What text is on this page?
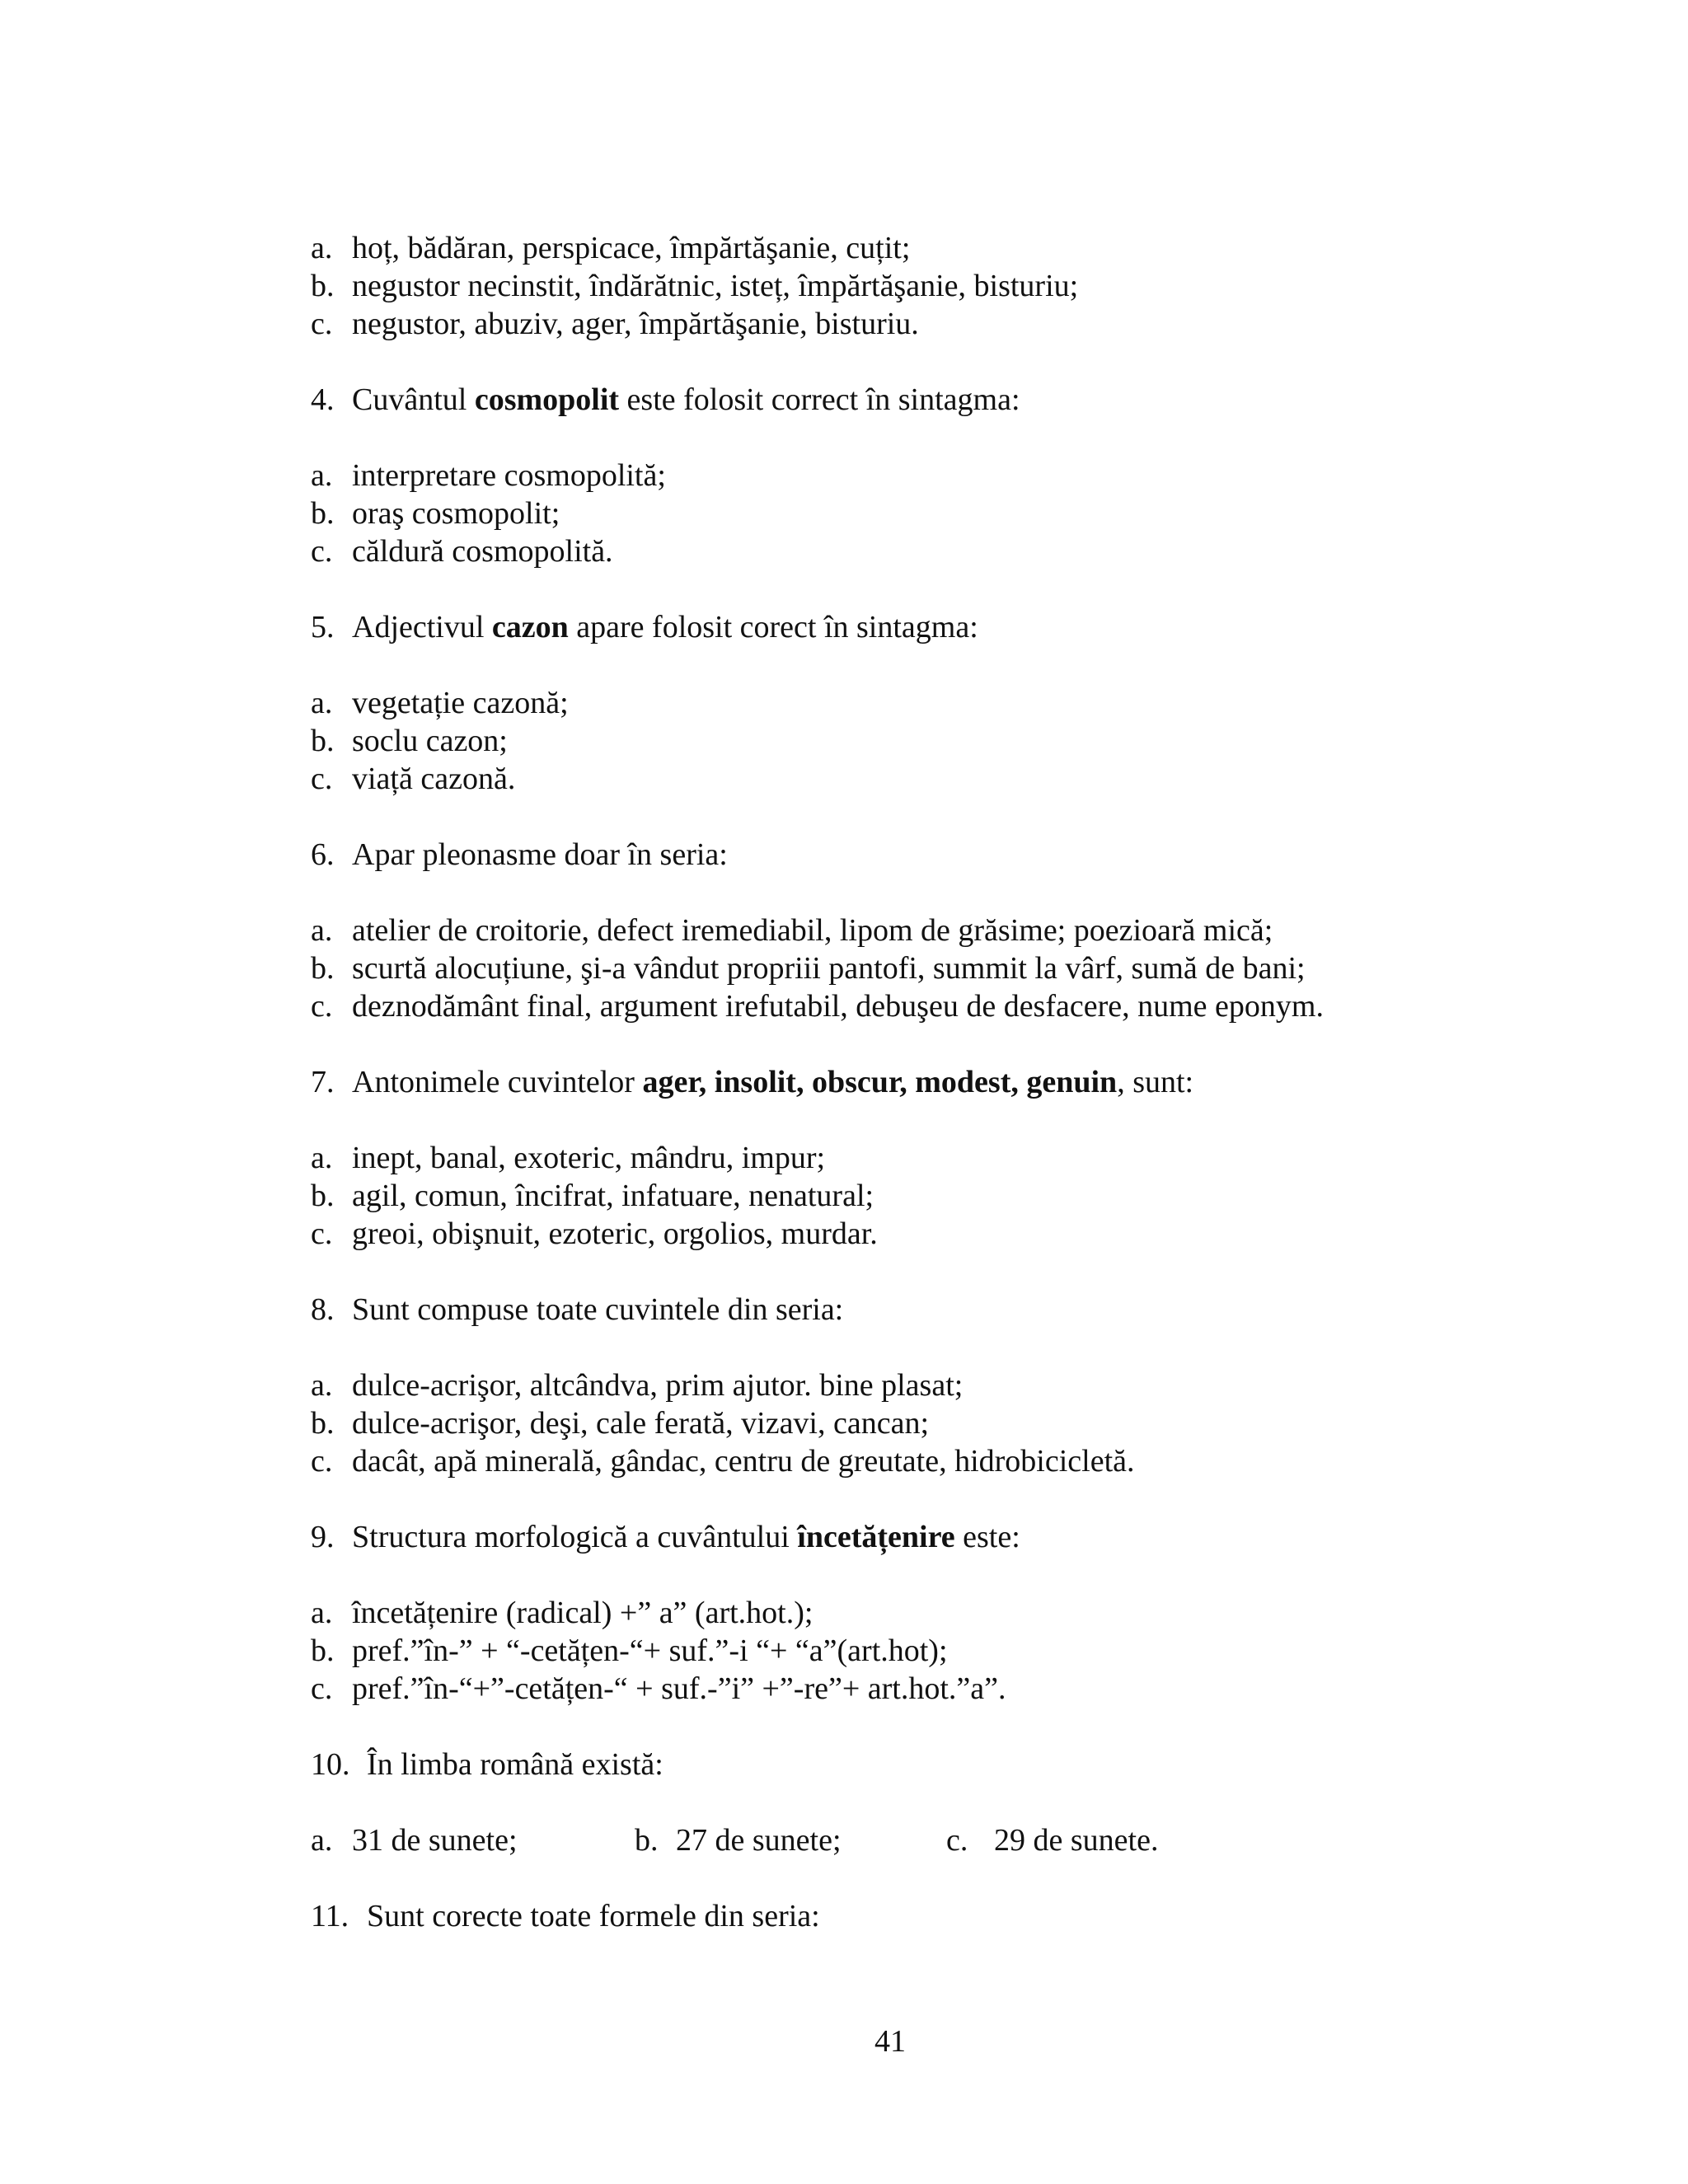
a. hoț, bădăran, perspicace, împărtăşanie, cuțit;
b. negustor necinstit, îndărătnic, isteț, împărtăşanie, bisturiu;
c. negustor, abuziv, ager, împărtăşanie, bisturiu.
4. Cuvântul cosmopolit este folosit correct în sintagma:
a. interpretare cosmopolită;
b. oraş cosmopolit;
c. căldură cosmopolită.
5. Adjectivul cazon apare folosit corect în sintagma:
a. vegetație cazonă;
b. soclu cazon;
c. viață cazonă.
6. Apar pleonasme doar în seria:
a. atelier de croitorie, defect iremediabil, lipom de grăsime; poezioară mică;
b. scurtă alocuțiune, şi-a vândut propriii pantofi, summit la vârf, sumă de bani;
c. deznodământ final, argument irefutabil, debuşeu de desfacere, nume eponym.
7. Antonimele cuvintelor ager, insolit, obscur, modest, genuin, sunt:
a. inept, banal, exoteric, mândru, impur;
b. agil, comun, încifrat, infatuare, nenatural;
c. greoi, obişnuit, ezoteric, orgolios, murdar.
8. Sunt compuse toate cuvintele din seria:
a. dulce-acrişor, altcândva, prim ajutor. bine plasat;
b. dulce-acrişor, deşi, cale ferată, vizavi, cancan;
c. dacât, apă minerală, gândac, centru de greutate, hidrobicicletă.
9. Structura morfologică a cuvântului încetățenire este:
a. încetățenire (radical) +” a” (art.hot.);
b. pref.”în-” + “-cetățen-“+ suf.”-i “+ “a”(art.hot);
c. pref.”în-“+”-cetățen-“ + suf.-”i” +”-re”+ art.hot.”a”.
10. În limba română există:
a. 31 de sunete;	b. 27 de sunete;	c. 29 de sunete.
11. Sunt corecte toate formele din seria:
41
